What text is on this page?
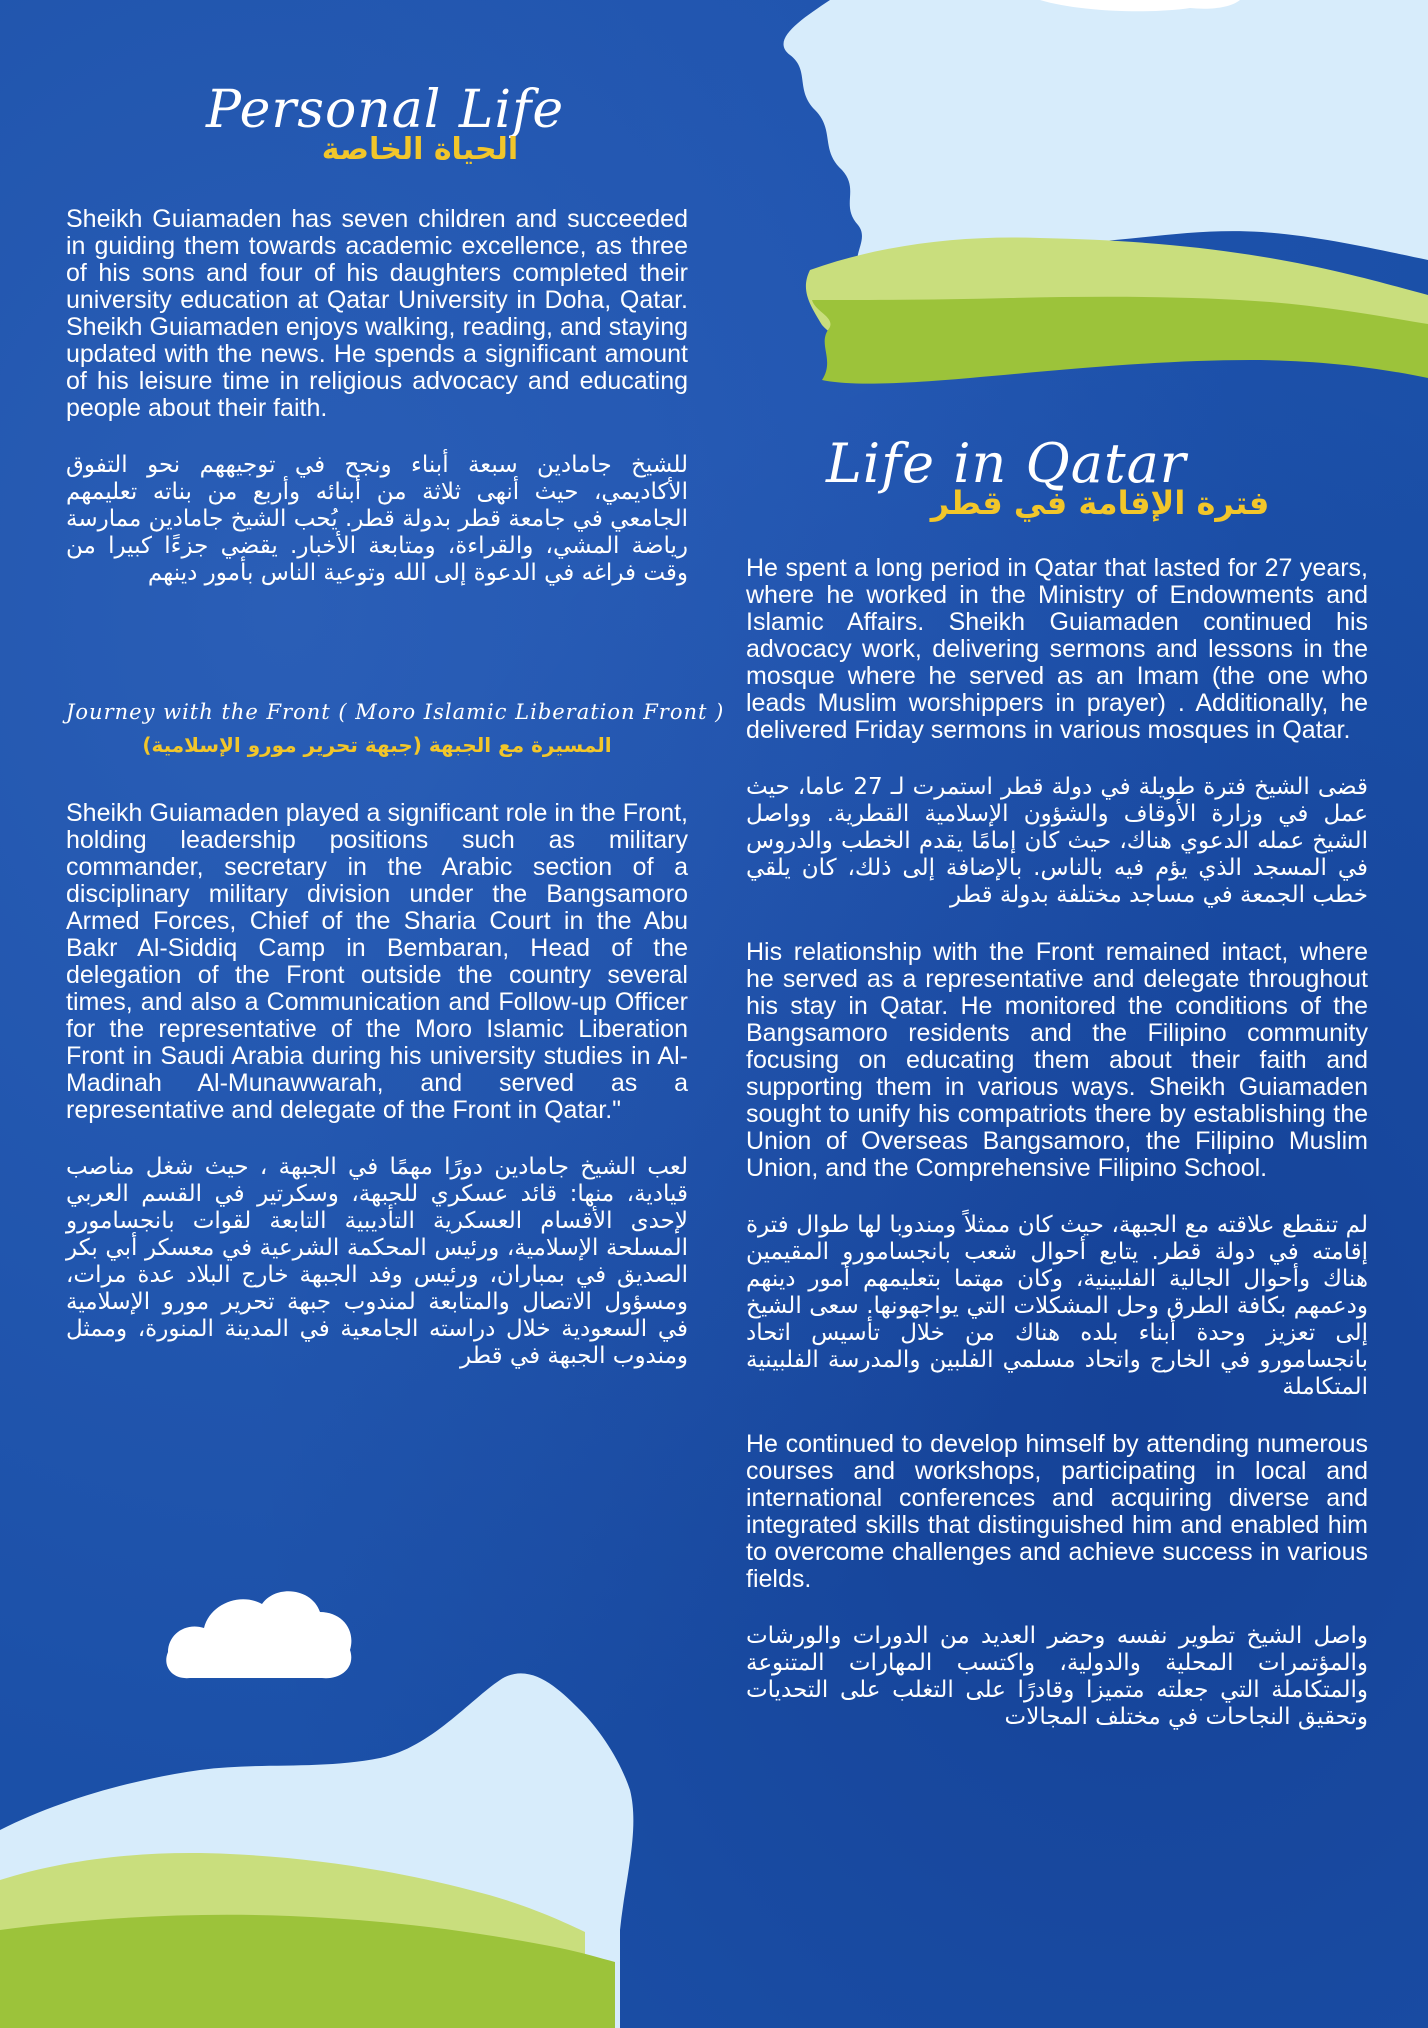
Personal Life
الحياة الخاصة

Sheikh Guiamaden has seven children and succeeded in guiding them towards academic excellence, as three of his sons and four of his daughters completed their university education at Qatar University in Doha, Qatar. Sheikh Guiamaden enjoys walking, reading, and staying updated with the news. He spends a significant amount of his leisure time in religious advocacy and educating people about their faith.

للشيخ جامادين سبعة أبناء ونجح في توجيههم نحو التفوق الأكاديمي، حيث أنهى ثلاثة من أبنائه وأربع من بناته تعليمهم الجامعي في جامعة قطر بدولة قطر. يُحب الشيخ جامادين ممارسة رياضة المشي، والقراءة، ومتابعة الأخبار. يقضي جزءًا كبيرا من وقت فراغه في الدعوة إلى الله وتوعية الناس بأمور دينهم

Journey with the Front ( Moro Islamic Liberation Front )
المسيرة مع الجبهة (جبهة تحرير مورو الإسلامية)

Sheikh Guiamaden played a significant role in the Front, holding leadership positions such as military commander, secretary in the Arabic section of a disciplinary military division under the Bangsamoro Armed Forces, Chief of the Sharia Court in the Abu Bakr Al-Siddiq Camp in Bembaran, Head of the delegation of the Front outside the country several times, and also a Communication and Follow-up Officer for the representative of the Moro Islamic Liberation Front in Saudi Arabia during his university studies in Al-Madinah Al-Munawwarah, and served as a representative and delegate of the Front in Qatar."

لعب الشيخ جامادين دورًا مهمًا في الجبهة ، حيث شغل مناصب قيادية، منها: قائد عسكري للجبهة، وسكرتير في القسم العربي لإحدى الأقسام العسكرية التأديبية التابعة لقوات بانجسامورو المسلحة الإسلامية، ورئيس المحكمة الشرعية في معسكر أبي بكر الصديق في بمباران، ورئيس وفد الجبهة خارج البلاد عدة مرات، ومسؤول الاتصال والمتابعة لمندوب جبهة تحرير مورو الإسلامية في السعودية خلال دراسته الجامعية في المدينة المنورة، وممثل ومندوب الجبهة في قطر

Life in Qatar
فترة الإقامة في قطر

He spent a long period in Qatar that lasted for 27 years, where he worked in the Ministry of Endowments and Islamic Affairs. Sheikh Guiamaden continued his advocacy work, delivering sermons and lessons in the mosque where he served as an Imam (the one who leads Muslim worshippers in prayer) . Additionally, he delivered Friday sermons in various mosques in Qatar.

قضى الشيخ فترة طويلة في دولة قطر استمرت لـ 27 عاما، حيث عمل في وزارة الأوقاف والشؤون الإسلامية القطرية. وواصل الشيخ عمله الدعوي هناك، حيث كان إمامًا يقدم الخطب والدروس في المسجد الذي يؤم فيه بالناس. بالإضافة إلى ذلك، كان يلقي خطب الجمعة في مساجد مختلفة بدولة قطر

His relationship with the Front remained intact, where he served as a representative and delegate throughout his stay in Qatar. He monitored the conditions of the Bangsamoro residents and the Filipino community focusing on educating them about their faith and supporting them in various ways. Sheikh Guiamaden sought to unify his compatriots there by establishing the Union of Overseas Bangsamoro, the Filipino Muslim Union, and the Comprehensive Filipino School.

لم تنقطع علاقته مع الجبهة، حيث كان ممثلاً ومندوبا لها طوال فترة إقامته في دولة قطر. يتابع أحوال شعب بانجسامورو المقيمين هناك وأحوال الجالية الفلبينية، وكان مهتما بتعليمهم أمور دينهم ودعمهم بكافة الطرق وحل المشكلات التي يواجهونها. سعى الشيخ إلى تعزيز وحدة أبناء بلده هناك من خلال تأسيس اتحاد بانجسامورو في الخارج واتحاد مسلمي الفلبين والمدرسة الفلبينية المتكاملة

He continued to develop himself by attending numerous courses and workshops, participating in local and international conferences and acquiring diverse and integrated skills that distinguished him and enabled him to overcome challenges and achieve success in various fields.

واصل الشيخ تطوير نفسه وحضر العديد من الدورات والورشات والمؤتمرات المحلية والدولية، واكتسب المهارات المتنوعة والمتكاملة التي جعلته متميزا وقادرًا على التغلب على التحديات وتحقيق النجاحات في مختلف المجالات
